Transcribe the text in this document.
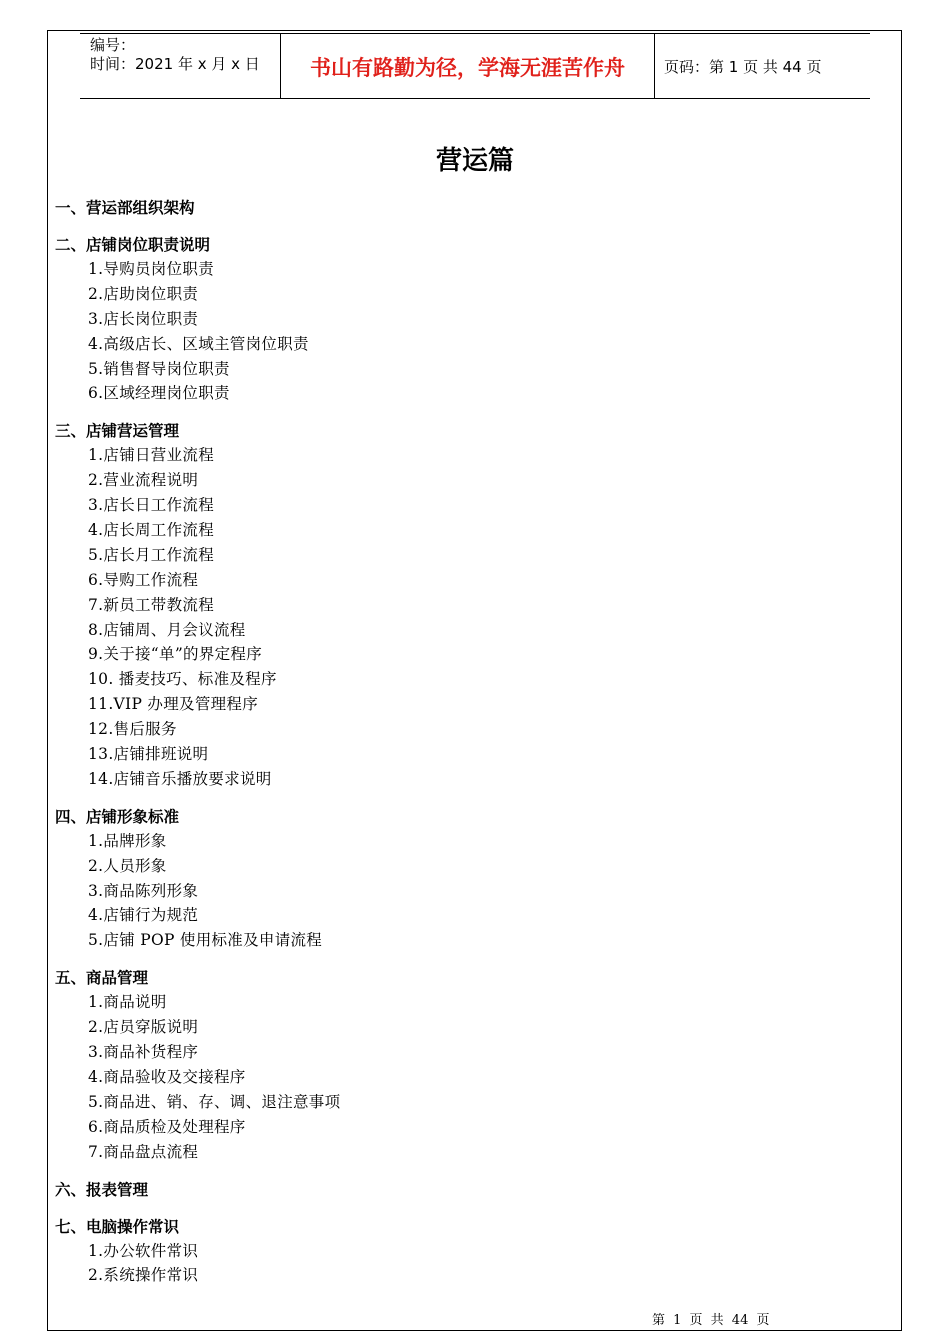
编号：
时间：2021 年 x 月 x 日	书山有路勤为径，学海无涯苦作舟	页码：第 1 页 共 44 页
营运篇
一、营运部组织架构
二、店铺岗位职责说明
1.导购员岗位职责
2.店助岗位职责
3.店长岗位职责
4.高级店长、区域主管岗位职责
5.销售督导岗位职责
6.区域经理岗位职责
三、店铺营运管理
1.店铺日营业流程
2.营业流程说明
3.店长日工作流程
4.店长周工作流程
5.店长月工作流程
6.导购工作流程
7.新员工带教流程
8.店铺周、月会议流程
9.关于接“单”的界定程序
10. 播麦技巧、标准及程序
11.VIP 办理及管理程序
12.售后服务
13.店铺排班说明
14.店铺音乐播放要求说明
四、店铺形象标准
1.品牌形象
2.人员形象
3.商品陈列形象
4.店铺行为规范
5.店铺 POP 使用标准及申请流程
五、商品管理
1.商品说明
2.店员穿版说明
3.商品补货程序
4.商品验收及交接程序
5.商品进、销、存、调、退注意事项
6.商品质检及处理程序
7.商品盘点流程
六、报表管理
七、电脑操作常识
1.办公软件常识
2.系统操作常识
第 1 页 共 44 页
